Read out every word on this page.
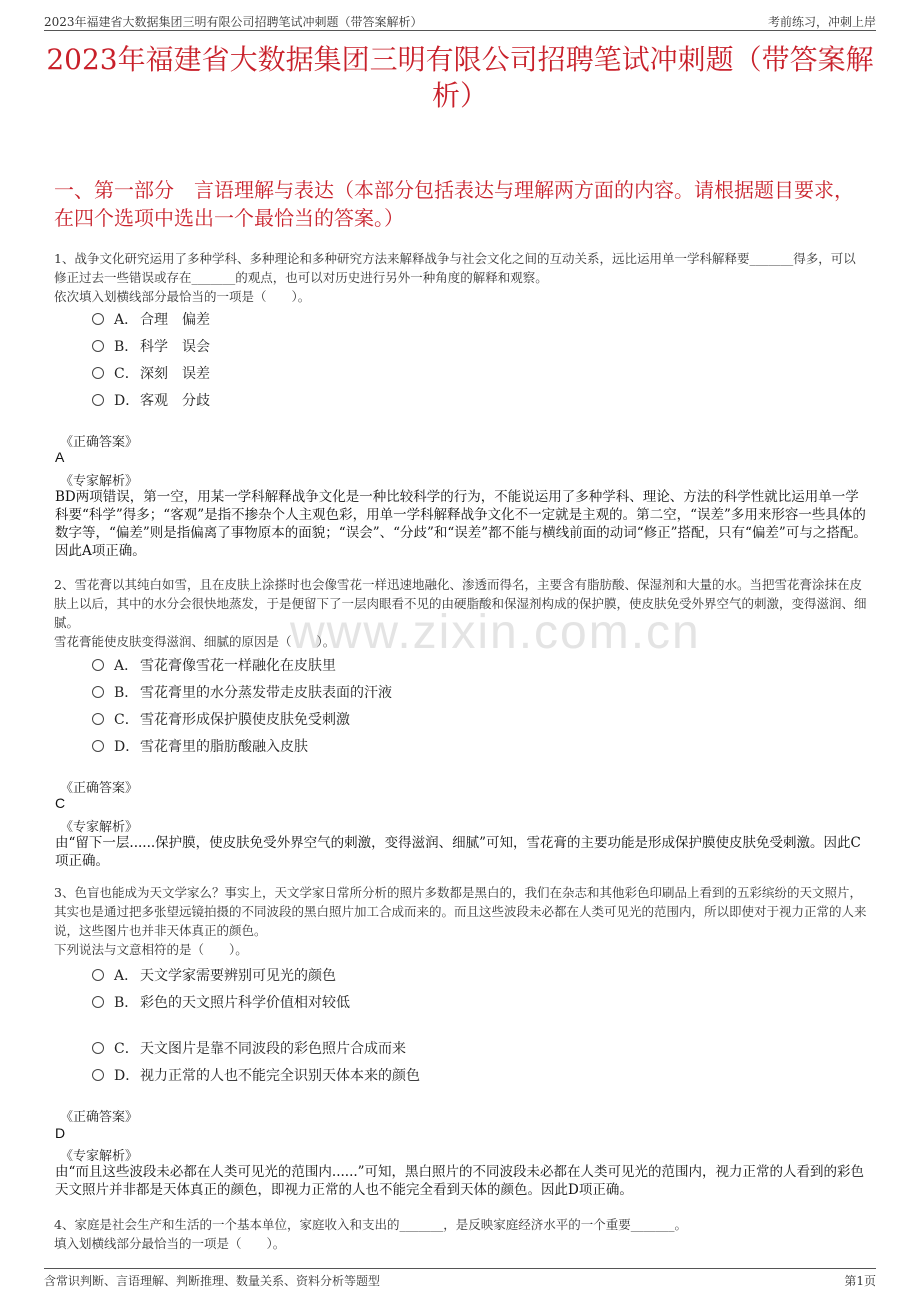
2023年福建省大数据集团三明有限公司招聘笔试冲刺题（带答案解析）	考前练习，冲刺上岸
2023年福建省大数据集团三明有限公司招聘笔试冲刺题（带答案解析）
一、第一部分　言语理解与表达（本部分包括表达与理解两方面的内容。请根据题目要求，在四个选项中选出一个最恰当的答案。）
www.zixin.com.cn
1、战争文化研究运用了多种学科、多种理论和多种研究方法来解释战争与社会文化之间的互动关系，远比运用单一学科解释要_______得多，可以修正过去一些错误或存在_______的观点，也可以对历史进行另外一种角度的解释和观察。
依次填入划横线部分最恰当的一项是（　　）。
A． 合理　偏差
B． 科学　误会
C．深刻　误差
D．客观　分歧
《正确答案》
A
《专家解析》
BD两项错误，第一空，用某一学科解释战争文化是一种比较科学的行为，不能说运用了多种学科、理论、方法的科学性就比运用单一学科要“科学”得多；“客观”是指不掺杂个人主观色彩，用单一学科解释战争文化不一定就是主观的。第二空，“误差”多用来形容一些具体的数字等，“偏差”则是指偏离了事物原本的面貌；“误会”、“分歧”和“误差”都不能与横线前面的动词“修正”搭配，只有“偏差”可与之搭配。因此A项正确。
2、雪花膏以其纯白如雪，且在皮肤上涂搽时也会像雪花一样迅速地融化、渗透而得名，主要含有脂肪酸、保湿剂和大量的水。当把雪花膏涂抹在皮肤上以后，其中的水分会很快地蒸发，于是便留下了一层肉眼看不见的由硬脂酸和保湿剂构成的保护膜，使皮肤免受外界空气的刺激，变得滋润、细腻。
雪花膏能使皮肤变得滋润、细腻的原因是（　　）。
A． 雪花膏像雪花一样融化在皮肤里
B． 雪花膏里的水分蒸发带走皮肤表面的汗液
C．雪花膏形成保护膜使皮肤免受刺激
D．雪花膏里的脂肪酸融入皮肤
《正确答案》
C
《专家解析》
由“留下一层......保护膜，使皮肤免受外界空气的刺激，变得滋润、细腻”可知，雪花膏的主要功能是形成保护膜使皮肤免受刺激。因此C项正确。
3、色盲也能成为天文学家么？事实上，天文学家日常所分析的照片多数都是黑白的，我们在杂志和其他彩色印刷品上看到的五彩缤纷的天文照片，其实也是通过把多张望远镜拍摄的不同波段的黑白照片加工合成而来的。而且这些波段未必都在人类可见光的范围内，所以即使对于视力正常的人来说，这些图片也并非天体真正的颜色。
下列说法与文意相符的是（　　）。
A． 天文学家需要辨别可见光的颜色
B． 彩色的天文照片科学价值相对较低
C．天文图片是靠不同波段的彩色照片合成而来
D．视力正常的人也不能完全识别天体本来的颜色
《正确答案》
D
《专家解析》
由“而且这些波段未必都在人类可见光的范围内......”可知，黑白照片的不同波段未必都在人类可见光的范围内，视力正常的人看到的彩色天文照片并非都是天体真正的颜色，即视力正常的人也不能完全看到天体的颜色。因此D项正确。
4、家庭是社会生产和生活的一个基本单位，家庭收入和支出的_______，是反映家庭经济水平的一个重要_______。
填入划横线部分最恰当的一项是（　　）。
含常识判断、言语理解、判断推理、数量关系、资料分析等题型	第1页
